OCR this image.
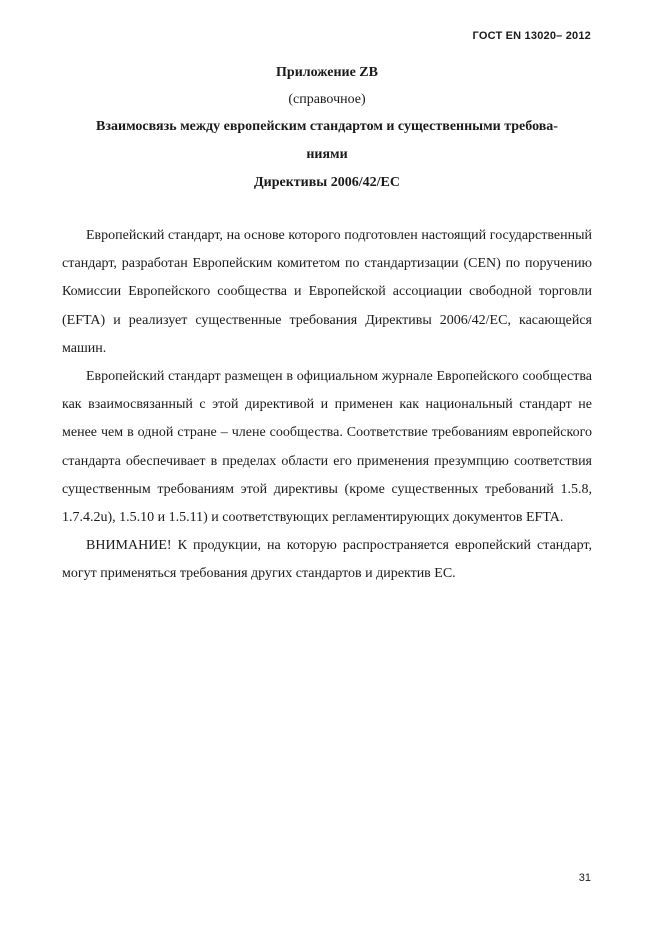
ГОСТ EN 13020– 2012
Приложение ZB
(справочное)
Взаимосвязь между европейским стандартом и существенными требова-
ниями
Директивы 2006/42/ЕС

Европейский стандарт, на основе которого подготовлен настоящий государственный стандарт, разработан Европейским комитетом по стандартизации (CEN) по поручению Комиссии Европейского сообщества и Европейской ассоциации свободной торговли (EFTA) и реализует существенные требования Директивы 2006/42/ЕС, касающейся машин.

Европейский стандарт размещен в официальном журнале Европейского сообщества как взаимосвязанный с этой директивой и применен как национальный стандарт не менее чем в одной стране – члене сообщества. Соответствие требованиям европейского стандарта обеспечивает в пределах области его применения презумпцию соответствия существенным требованиям этой директивы (кроме существенных требований 1.5.8, 1.7.4.2u), 1.5.10 и 1.5.11) и соответствующих регламентирующих документов EFTA.

ВНИМАНИЕ! К продукции, на которую распространяется европейский стандарт, могут применяться требования других стандартов и директив ЕС.

31
